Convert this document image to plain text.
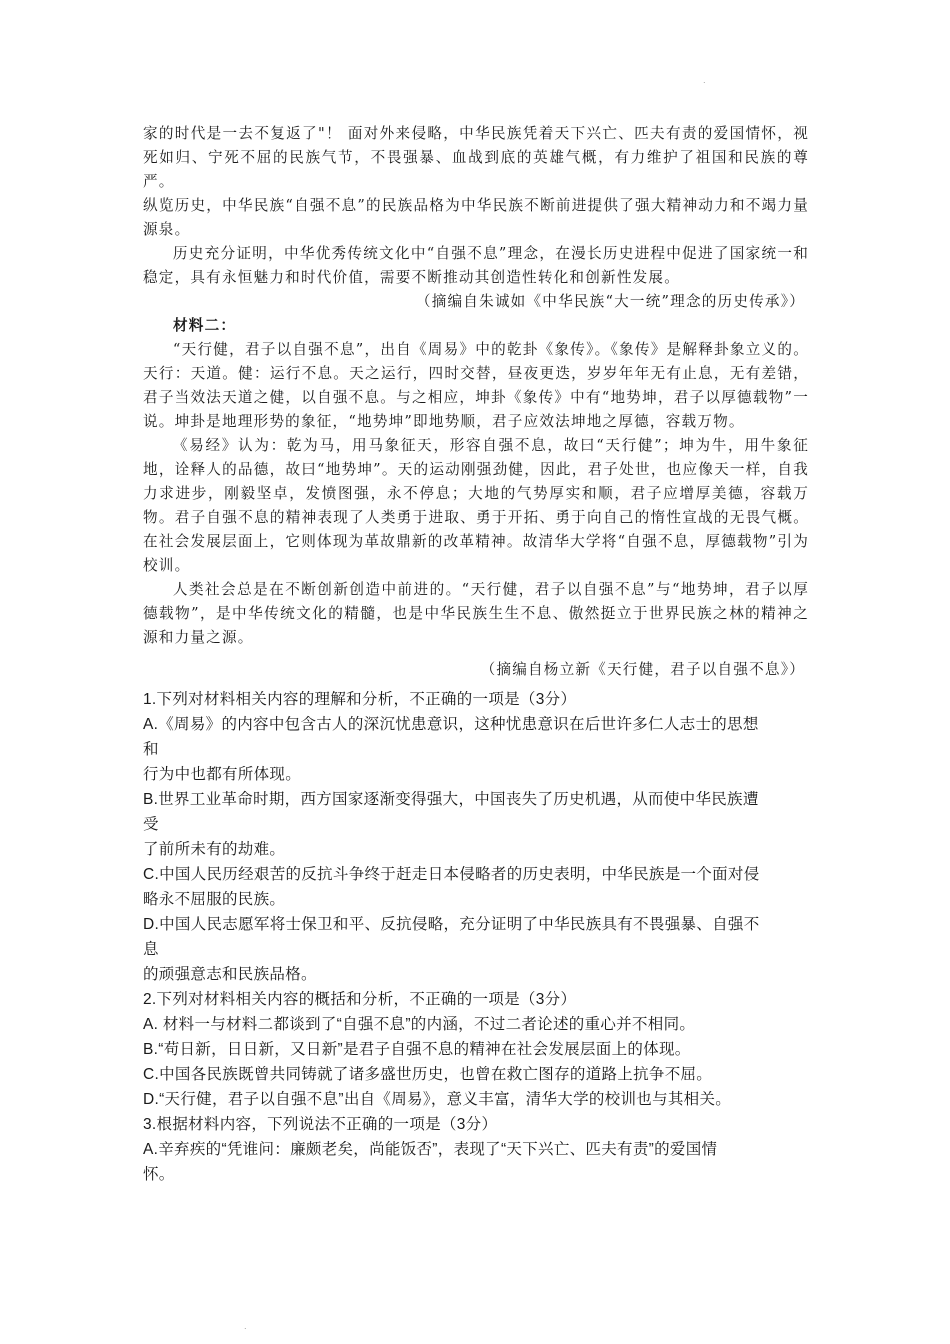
.
.

家的时代是一去不复返了"！ 面对外来侵略，中华民族凭着天下兴亡、匹夫有责的爱国情怀，视死如归、宁死不屈的民族气节，不畏强暴、血战到底的英雄气概，有力维护了祖国和民族的尊严。

纵览历史，中华民族“自强不息”的民族品格为中华民族不断前进提供了强大精神动力和不竭力量源泉。

历史充分证明，中华优秀传统文化中“自强不息”理念，在漫长历史进程中促进了国家统一和稳定，具有永恒魅力和时代价值，需要不断推动其创造性转化和创新性发展。

（摘编自朱诚如《中华民族“大一统”理念的历史传承》）

材料二：

“天行健，君子以自强不息”，出自《周易》中的乾卦《象传》。《象传》是解释卦象立义的。天行：天道。健：运行不息。天之运行，四时交替，昼夜更迭，岁岁年年无有止息，无有差错，君子当效法天道之健，以自强不息。与之相应，坤卦《象传》中有“地势坤，君子以厚德载物”一说。坤卦是地理形势的象征，“地势坤”即地势顺，君子应效法坤地之厚德，容载万物。

《易经》认为：乾为马，用马象征天，形容自强不息，故曰“天行健”；坤为牛，用牛象征地，诠释人的品德，故曰“地势坤”。天的运动刚强劲健，因此，君子处世，也应像天一样，自我力求进步，刚毅坚卓，发愤图强，永不停息；大地的气势厚实和顺，君子应增厚美德，容载万物。君子自强不息的精神表现了人类勇于进取、勇于开拓、勇于向自己的惰性宣战的无畏气概。在社会发展层面上，它则体现为革故鼎新的改革精神。故清华大学将“自强不息，厚德载物”引为校训。

人类社会总是在不断创新创造中前进的。“天行健，君子以自强不息”与“地势坤，君子以厚德载物”，是中华传统文化的精髓，也是中华民族生生不息、傲然挺立于世界民族之林的精神之源和力量之源。

（摘编自杨立新《天行健，君子以自强不息》）

1.下列对材料相关内容的理解和分析，不正确的一项是（3分）
A.《周易》的内容中包含古人的深沉忧患意识，这种忧患意识在后世许多仁人志士的思想
和
行为中也都有所体现。
B.世界工业革命时期，西方国家逐渐变得强大，中国丧失了历史机遇，从而使中华民族遭
受
了前所未有的劫难。
C.中国人民历经艰苦的反抗斗争终于赶走日本侵略者的历史表明，中华民族是一个面对侵
略永不屈服的民族。
D.中国人民志愿军将士保卫和平、反抗侵略，充分证明了中华民族具有不畏强暴、自强不
息
的顽强意志和民族品格。
2.下列对材料相关内容的概括和分析，不正确的一项是（3分）
A. 材料一与材料二都谈到了“自强不息”的内涵，不过二者论述的重心并不相同。
B.“苟日新，日日新，又日新”是君子自强不息的精神在社会发展层面上的体现。
C.中国各民族既曾共同铸就了诸多盛世历史，也曾在救亡图存的道路上抗争不屈。
D.“天行健，君子以自强不息”出自《周易》，意义丰富，清华大学的校训也与其相关。
3.根据材料内容，下列说法不正确的一项是（3分）
A.辛弃疾的“凭谁问：廉颇老矣，尚能饭否”，表现了“天下兴亡、匹夫有责”的爱国情
怀。
